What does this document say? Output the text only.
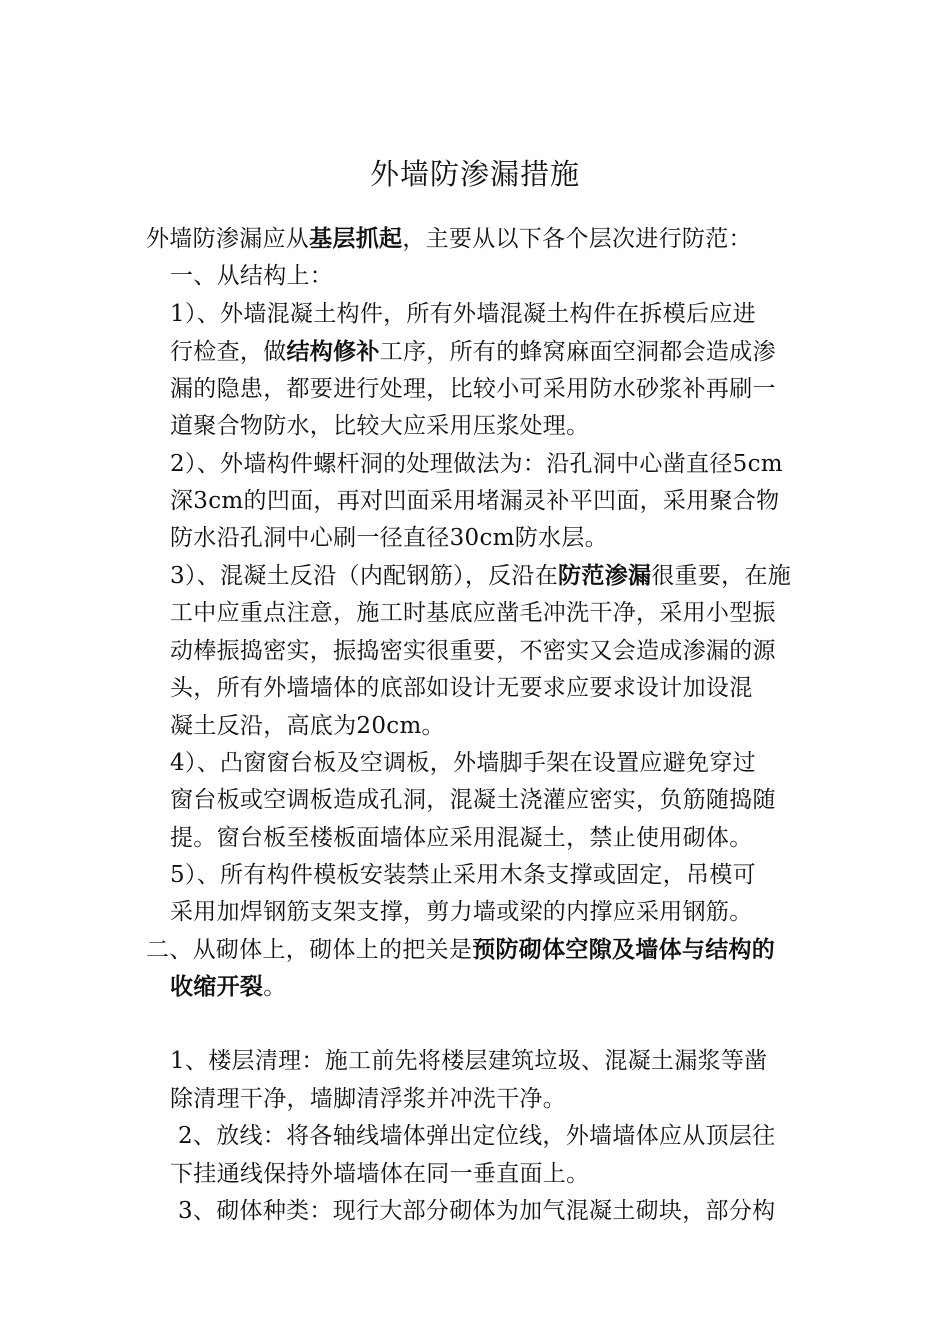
外墙防渗漏措施
外墙防渗漏应从基层抓起，主要从以下各个层次进行防范：
一、从结构上：
1）、外墙混凝土构件，所有外墙混凝土构件在拆模后应进
行检查，做结构修补工序，所有的蜂窝麻面空洞都会造成渗
漏的隐患，都要进行处理，比较小可采用防水砂浆补再刷一
道聚合物防水，比较大应采用压浆处理。
2）、外墙构件螺杆洞的处理做法为：沿孔洞中心凿直径5cm
深3cm的凹面，再对凹面采用堵漏灵补平凹面，采用聚合物
防水沿孔洞中心刷一径直径30cm防水层。
3）、混凝土反沿（内配钢筋），反沿在防范渗漏很重要，在施
工中应重点注意，施工时基底应凿毛冲洗干净，采用小型振
动棒振捣密实，振捣密实很重要，不密实又会造成渗漏的源
头，所有外墙墙体的底部如设计无要求应要求设计加设混
凝土反沿，高底为20cm。
4）、凸窗窗台板及空调板，外墙脚手架在设置应避免穿过
窗台板或空调板造成孔洞，混凝土浇灌应密实，负筋随捣随
提。窗台板至楼板面墙体应采用混凝土，禁止使用砌体。
5）、所有构件模板安装禁止采用木条支撑或固定，吊模可
采用加焊钢筋支架支撑，剪力墙或梁的内撑应采用钢筋。
二、从砌体上，砌体上的把关是预防砌体空隙及墙体与结构的
收缩开裂。
1、楼层清理：施工前先将楼层建筑垃圾、混凝土漏浆等凿
除清理干净，墙脚清浮浆并冲洗干净。
2、放线：将各轴线墙体弹出定位线，外墙墙体应从顶层往
下挂通线保持外墙墙体在同一垂直面上。
3、砌体种类：现行大部分砌体为加气混凝土砌块，部分构
